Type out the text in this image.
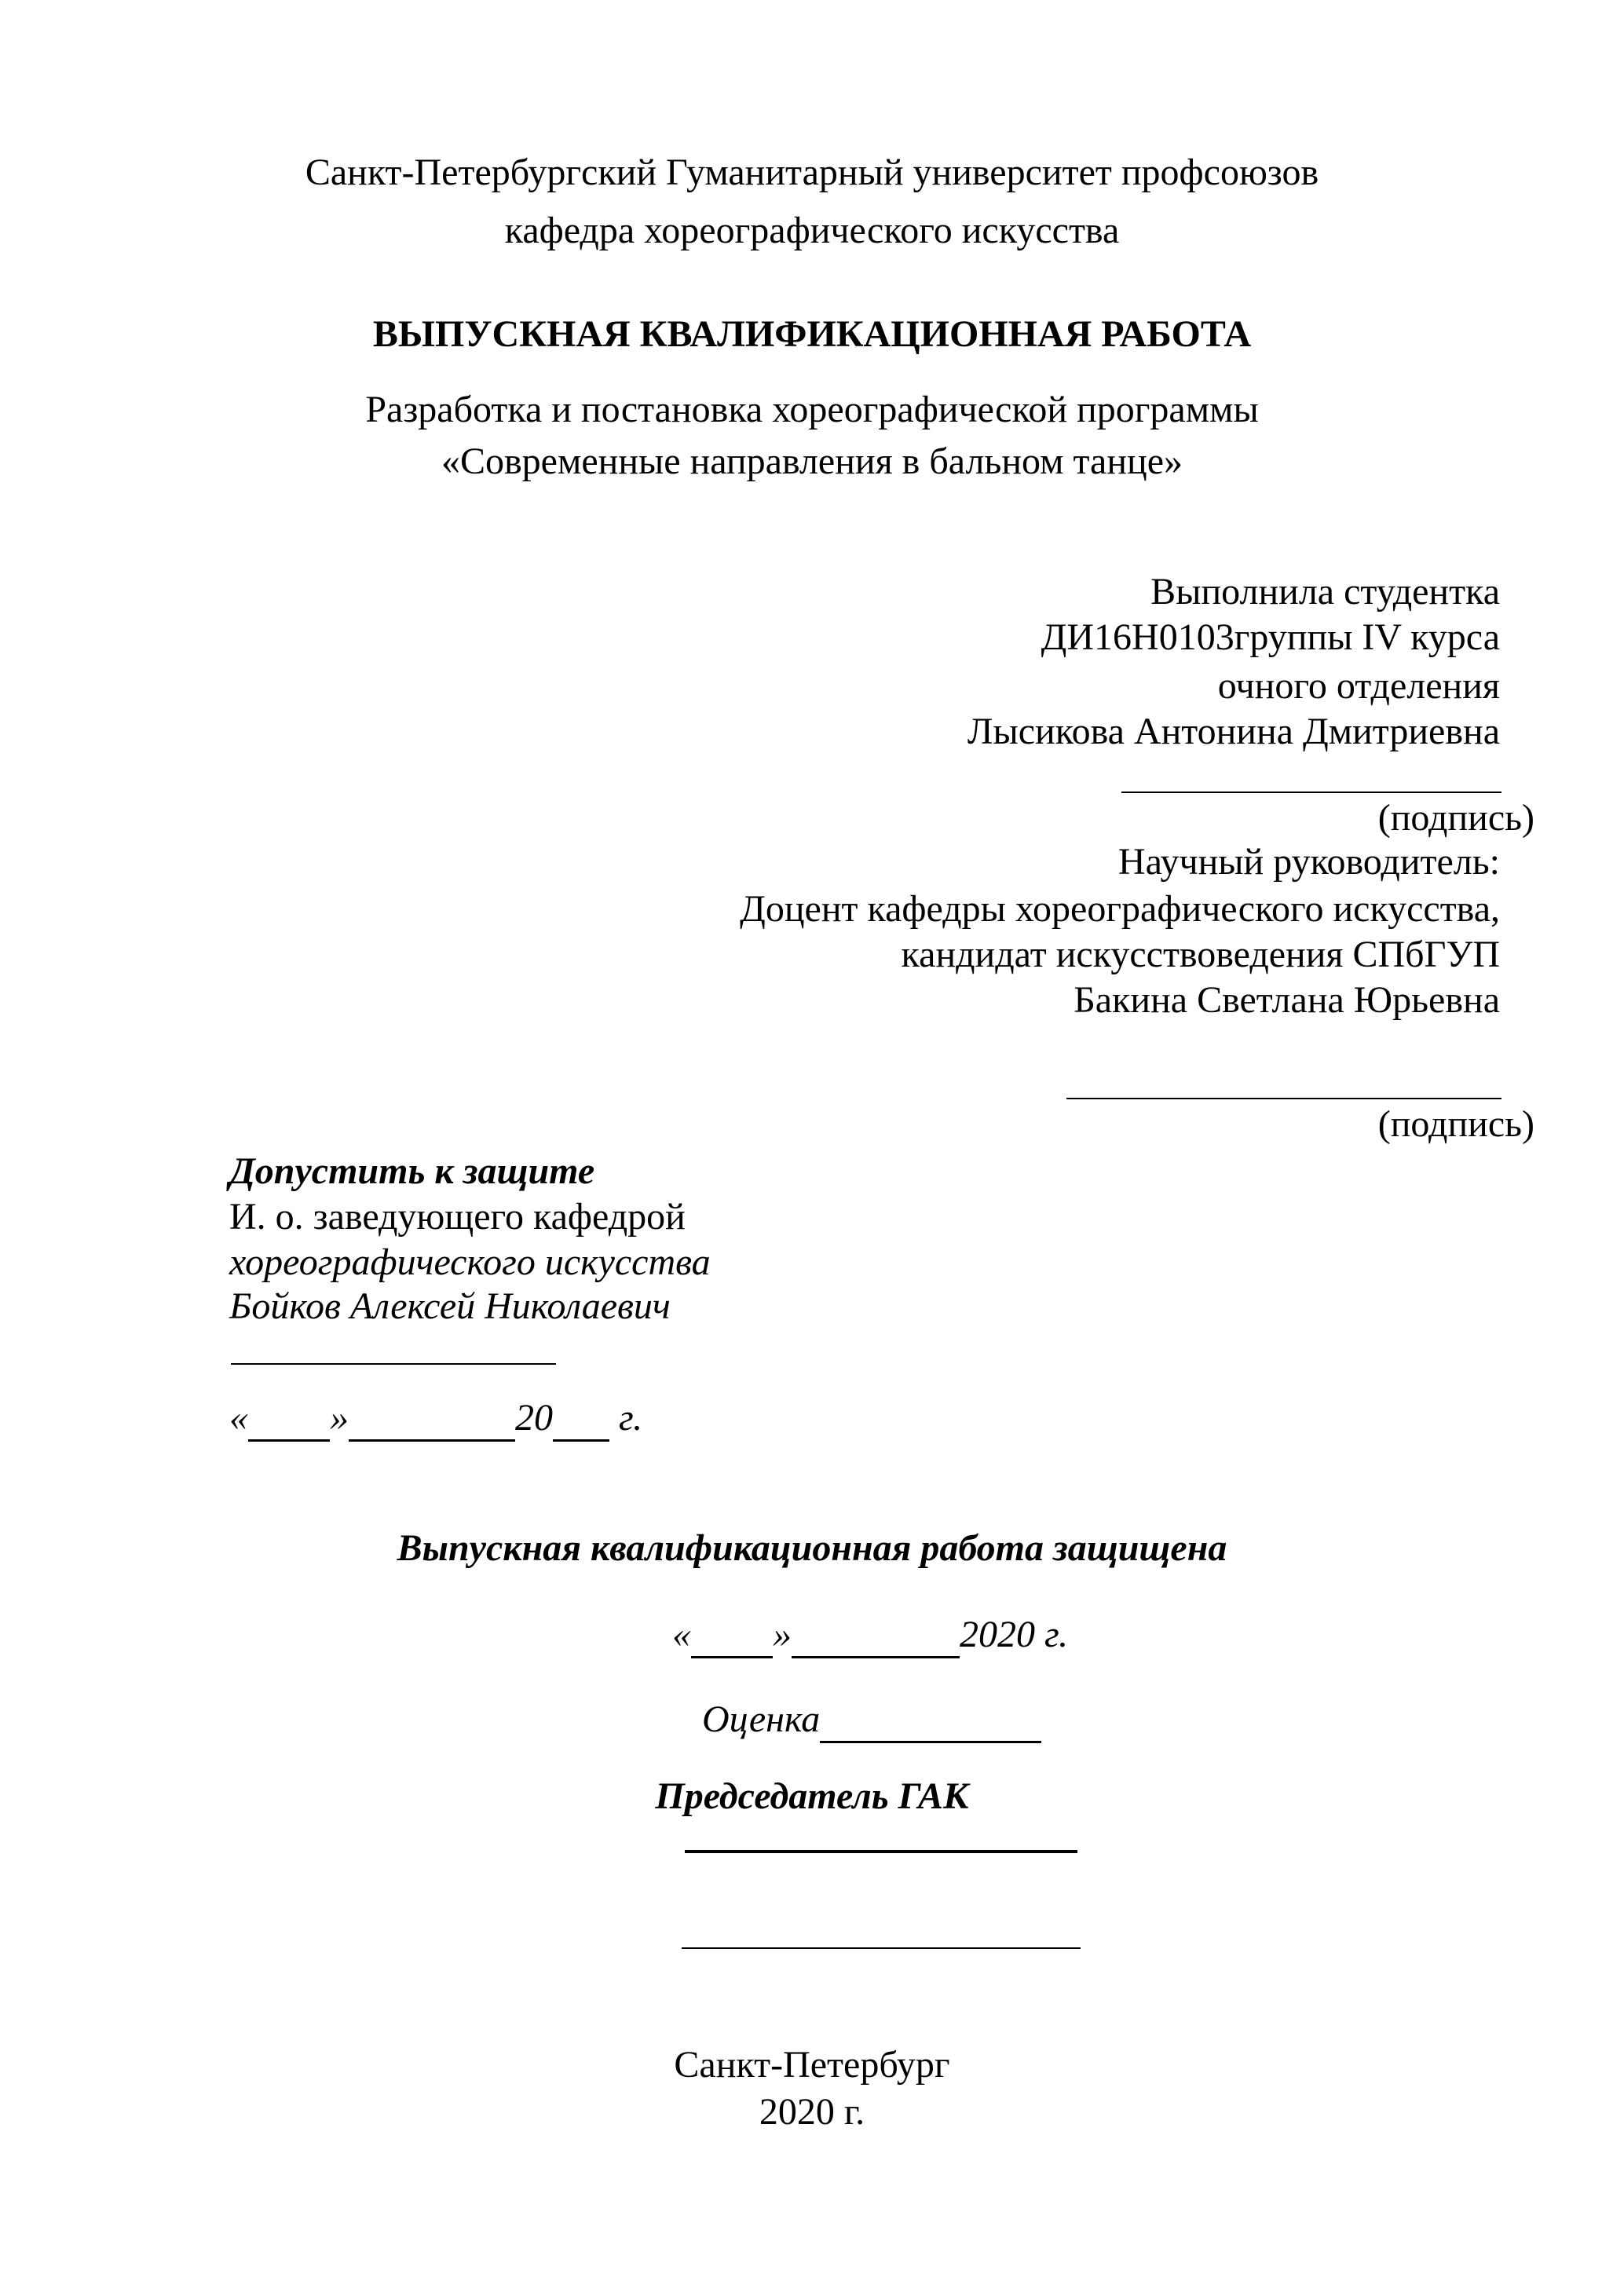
Санкт-Петербургский Гуманитарный университет профсоюзов
кафедра хореографического искусства
ВЫПУСКНАЯ КВАЛИФИКАЦИОННАЯ РАБОТА
Разработка и постановка хореографической программы
«Современные направления в бальном танце»
Выполнила студентка
ДИ16Н0103группы IV курса
очного отделения
Лысикова Антонина Дмитриевна
(подпись)
Научный руководитель:
Доцент кафедры хореографического искусства,
кандидат искусствоведения СПбГУП
Бакина Светлана Юрьевна
(подпись)
Допустить к защите
И. о. заведующего кафедрой
хореографического искусства
Бойков Алексей Николаевич
« »	20  г.
Выпускная квалификационная работа защищена
« »	2020 г.
Оценка
Председатель ГАК
Санкт-Петербург
2020 г.
